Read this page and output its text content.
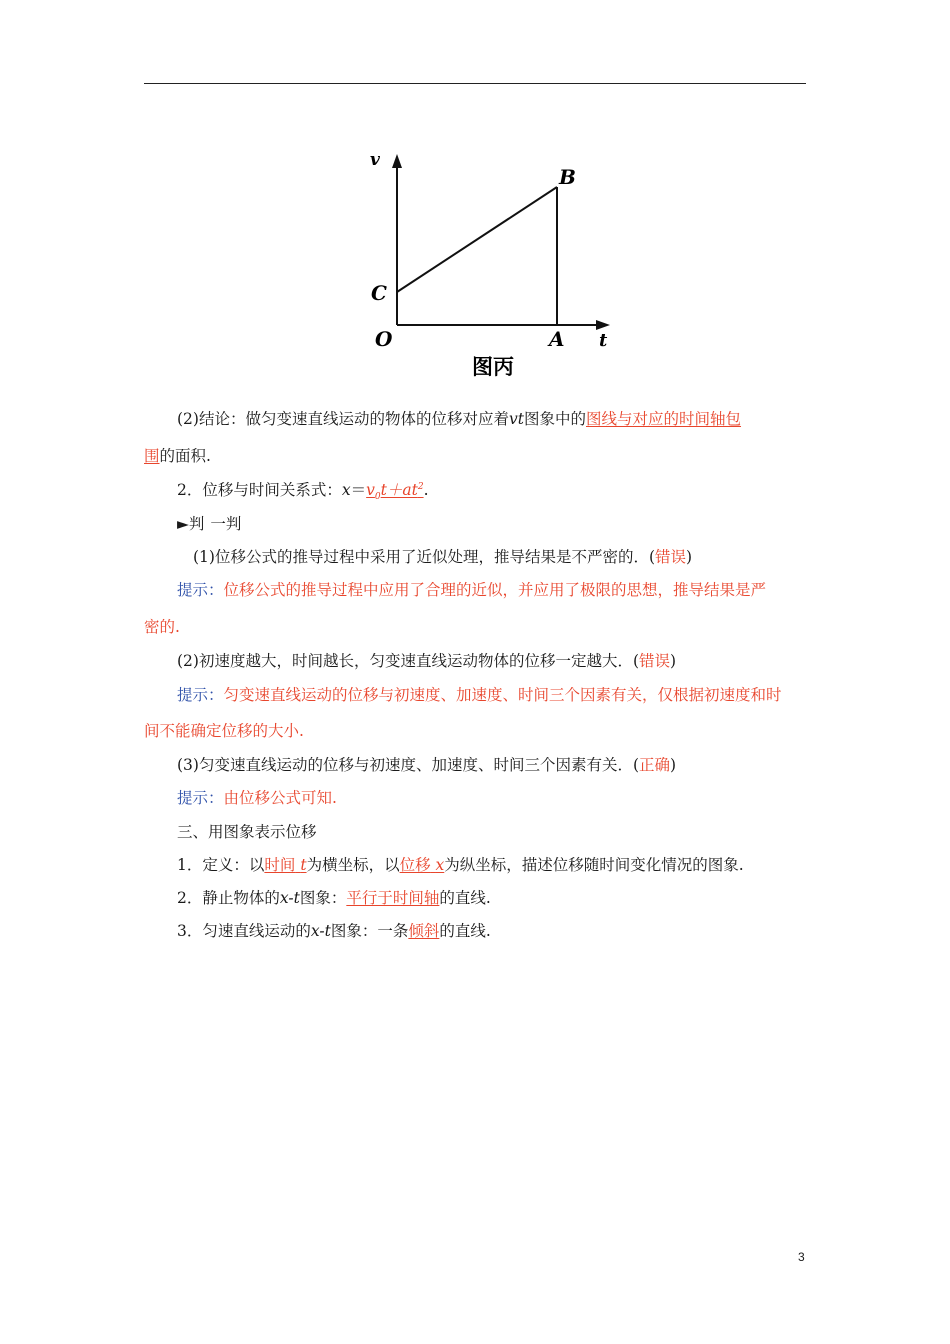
v
B
C
O	A t
图丙
(2)结论：做匀变速直线运动的物体的位移对应着vt图象中的图线与对应的时间轴包
围的面积.
2．位移与时间关系式：$x=v_0t+at^2$.
►判 一判
(1)位移公式的推导过程中采用了近似处理，推导结果是不严密的．(错误)
提示：位移公式的推导过程中应用了合理的近似，并应用了极限的思想，推导结果是严
密的.
(2)初速度越大，时间越长，匀变速直线运动物体的位移一定越大．(错误)
提示：匀变速直线运动的位移与初速度、加速度、时间三个因素有关，仅根据初速度和时
间不能确定位移的大小.
(3)匀变速直线运动的位移与初速度、加速度、时间三个因素有关．(正确)
提示：由位移公式可知.
三、用图象表示位移
1．定义：以时间 t为横坐标，以位移 x为纵坐标，描述位移随时间变化情况的图象.
2．静止物体的x-t图象：平行于时间轴的直线.
3．匀速直线运动的x-t图象：一条倾斜的直线.
3
